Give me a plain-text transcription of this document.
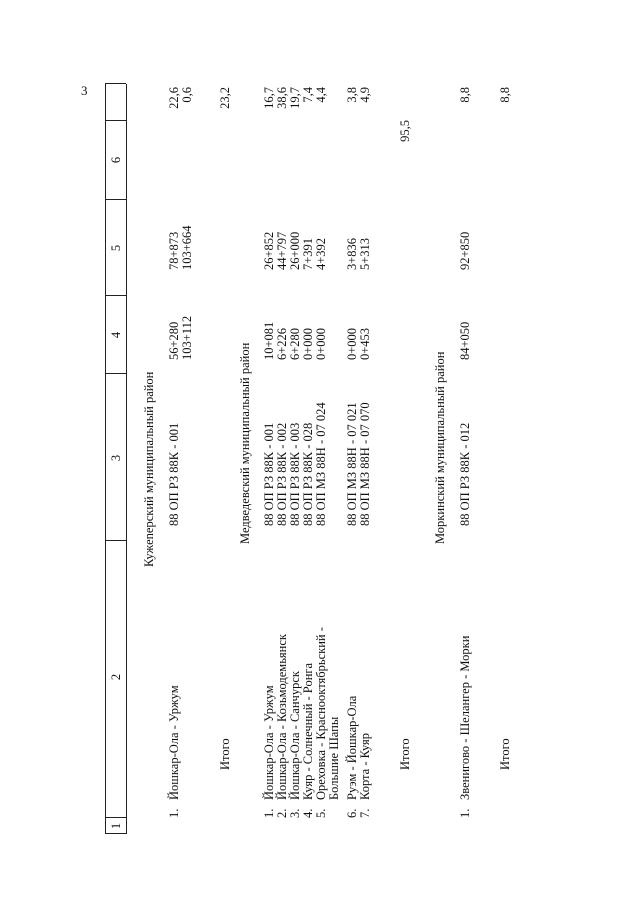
3
1
2
3
4
5
6
Кужenерский муниципальный район
1.
Йошкар-Ола - Уржум
88 ОП РЗ 88К - 001
56+280 103+112
78+873 103+664
22,6 0,6
Итого
23,2
Медведевский муниципальный район
1.
Йошкар-Ола - Уржум
88 ОП РЗ 88К - 001
10+081
26+852
16,7
2.
Йошкар-Ола - Козьмодемьянск
88 ОП РЗ 88К - 002
6+226
44+797
38,6
3.
Йошкар-Ола - Санчурск
88 ОП РЗ 88К - 003
6+280
26+000
19,7
4.
Куяр - Солнечный - Ронга
88 ОП РЗ 88К - 028
0+000
7+391
7,4
5.
Ореховка - Краснооктябрьский - Большие Шапы
88 ОП МЗ 88Н - 07 024
0+000
4+392
4,4
6.
Руэм - Йошкар-Ола
88 ОП МЗ 88Н - 07 021
0+000
3+836
3,8
7.
Корта - Куяр
88 ОП МЗ 88Н - 07 070
0+453
5+313
4,9
Итого
95,5
Моркинский муниципальный район
1.
Звенигово - Шелангер - Морки
88 ОП РЗ 88К - 012
84+050
92+850
8,8
Итого
8,8
